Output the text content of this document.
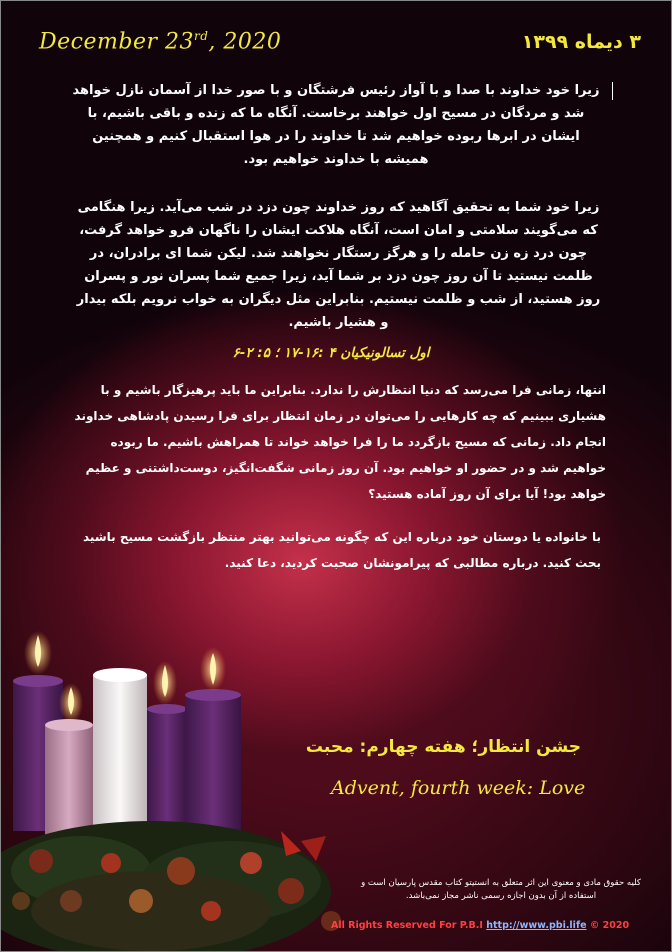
December 23rd, 2020	۳ دیماه ۱۳۹۹
زیرا خود خداوند با صدا و با آواز رئیس فرشتگان و با صور خدا از آسمان نازل خواهد شد و مردگان در مسیح اول خواهند برخاست. آنگاه ما که زنده و باقی باشیم، با ایشان در ابرها ربوده خواهیم شد تا خداوند را در هوا استقبال کنیم و همچنین همیشه با خداوند خواهیم بود.
زیرا خود شما به تحقیق آگاهید که روز خداوند چون دزد در شب می‌آید. زیرا هنگامی که می‌گویند سلامتی و امان است، آنگاه هلاکت ایشان را ناگهان فرو خواهد گرفت، چون درد زه زن حامله را و هرگز رستگار نخواهند شد. لیکن شما ای برادران، در ظلمت نیستید تا آن روز چون دزد بر شما آید، زیرا جمیع شما پسران نور و پسران روز هستید، از شب و ظلمت نیستیم. بنابراین مثل دیگران به خواب نرویم بلکه بیدار و هشیار باشیم.
اول تسالونیکیان ۴ :۱۶-۱۷ ؛ ۵: ۲-۶
انتها، زمانی فرا می‌رسد که دنیا انتظارش را ندارد. بنابراین ما باید پرهیزگار باشیم و با هشیاری ببینیم که چه کارهایی را می‌توان در زمان انتظار برای فرا رسیدن پادشاهی خداوند انجام داد. زمانی که مسیح بازگردد ما را فرا خواهد خواند تا همراهش باشیم. ما ربوده خواهیم شد و در حضور او خواهیم بود. آن روز زمانی شگفت‌انگیز، دوست‌داشتنی و عظیم خواهد بود! آیا برای آن روز آماده هستید؟
با خانواده یا دوستان خود درباره این که چگونه می‌توانید بهتر منتظر بازگشت مسیح باشید بحث کنید. درباره مطالبی که پیرامونشان صحبت کردید، دعا کنید.
جشن انتظار؛ هفته چهارم: محبت
Advent, fourth week: Love
کلیه حقوق مادی و معنوی این اثر متعلق به انستیتو کتاب مقدس پارسیان است و استفاده از آن بدون اجازه رسمی ناشر مجاز نمی‌باشد.
All Rights Reserved For P.B.I http://www.pbi.life © 2020
